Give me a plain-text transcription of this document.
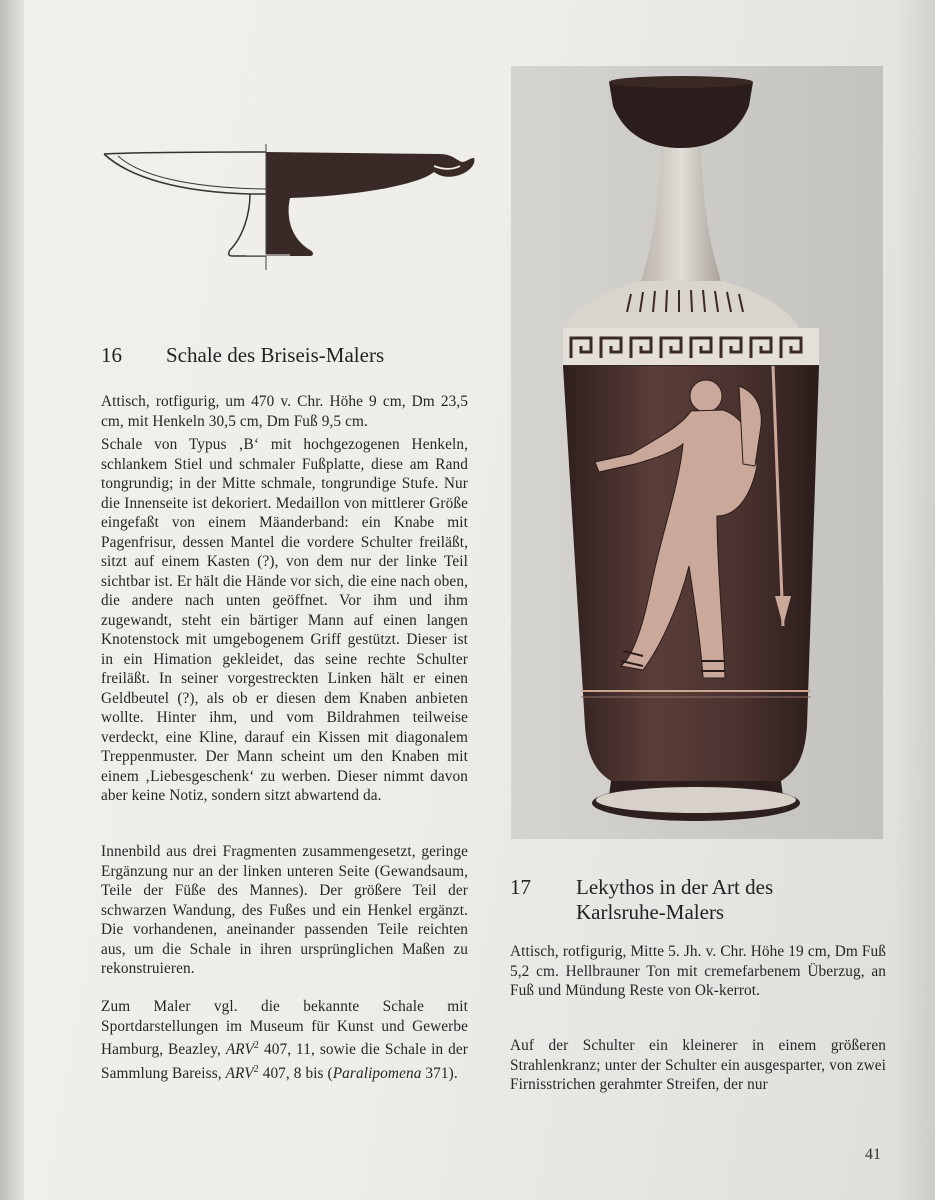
16 Schale des Briseis-Malers

Attisch, rotfigurig, um 470 v. Chr. Höhe 9 cm, Dm 23,5 cm, mit Henkeln 30,5 cm, Dm Fuß 9,5 cm.

Schale von Typus ‚B‘ mit hochgezogenen Henkeln, schlankem Stiel und schmaler Fußplatte, diese am Rand tongrundig; in der Mitte schmale, tongrundige Stufe. Nur die Innenseite ist dekoriert. Medaillon von mittlerer Größe eingefaßt von einem Mäanderband: ein Knabe mit Pagenfrisur, dessen Mantel die vordere Schulter freiläßt, sitzt auf einem Kasten (?), von dem nur der linke Teil sichtbar ist. Er hält die Hände vor sich, die eine nach oben, die andere nach unten geöffnet. Vor ihm und ihm zugewandt, steht ein bärtiger Mann auf einen langen Knotenstock mit umgebogenem Griff gestützt. Dieser ist in ein Himation gekleidet, das seine rechte Schulter freiläßt. In seiner vorgestreckten Linken hält er einen Geldbeutel (?), als ob er diesen dem Knaben anbieten wollte. Hinter ihm, und vom Bildrahmen teilweise verdeckt, eine Kline, darauf ein Kissen mit diagonalem Treppenmuster. Der Mann scheint um den Knaben mit einem ‚Liebesgeschenk‘ zu werben. Dieser nimmt davon aber keine Notiz, sondern sitzt abwartend da.

Innenbild aus drei Fragmenten zusammengesetzt, geringe Ergänzung nur an der linken unteren Seite (Gewandsaum, Teile der Füße des Mannes). Der größere Teil der schwarzen Wandung, des Fußes und ein Henkel ergänzt. Die vorhandenen, aneinander passenden Teile reichten aus, um die Schale in ihren ursprünglichen Maßen zu rekonstruieren.

Zum Maler vgl. die bekannte Schale mit Sportdarstellungen im Museum für Kunst und Gewerbe Hamburg, Beazley, ARV$^2$ 407, 11, sowie die Schale in der Sammlung Bareiss, ARV$^2$ 407, 8 bis (Paralipomena 371).

17 Lekythos in der Art des
Karlsruhe-Malers

Attisch, rotfigurig, Mitte 5. Jh. v. Chr. Höhe 19 cm, Dm Fuß 5,2 cm. Hellbrauner Ton mit cremefarbenem Überzug, an Fuß und Mündung Reste von Ok-kerrot.

Auf der Schulter ein kleinerer in einem größeren Strahlenkranz; unter der Schulter ein ausgesparter, von zwei Firnisstrichen gerahmter Streifen, der nur

41
